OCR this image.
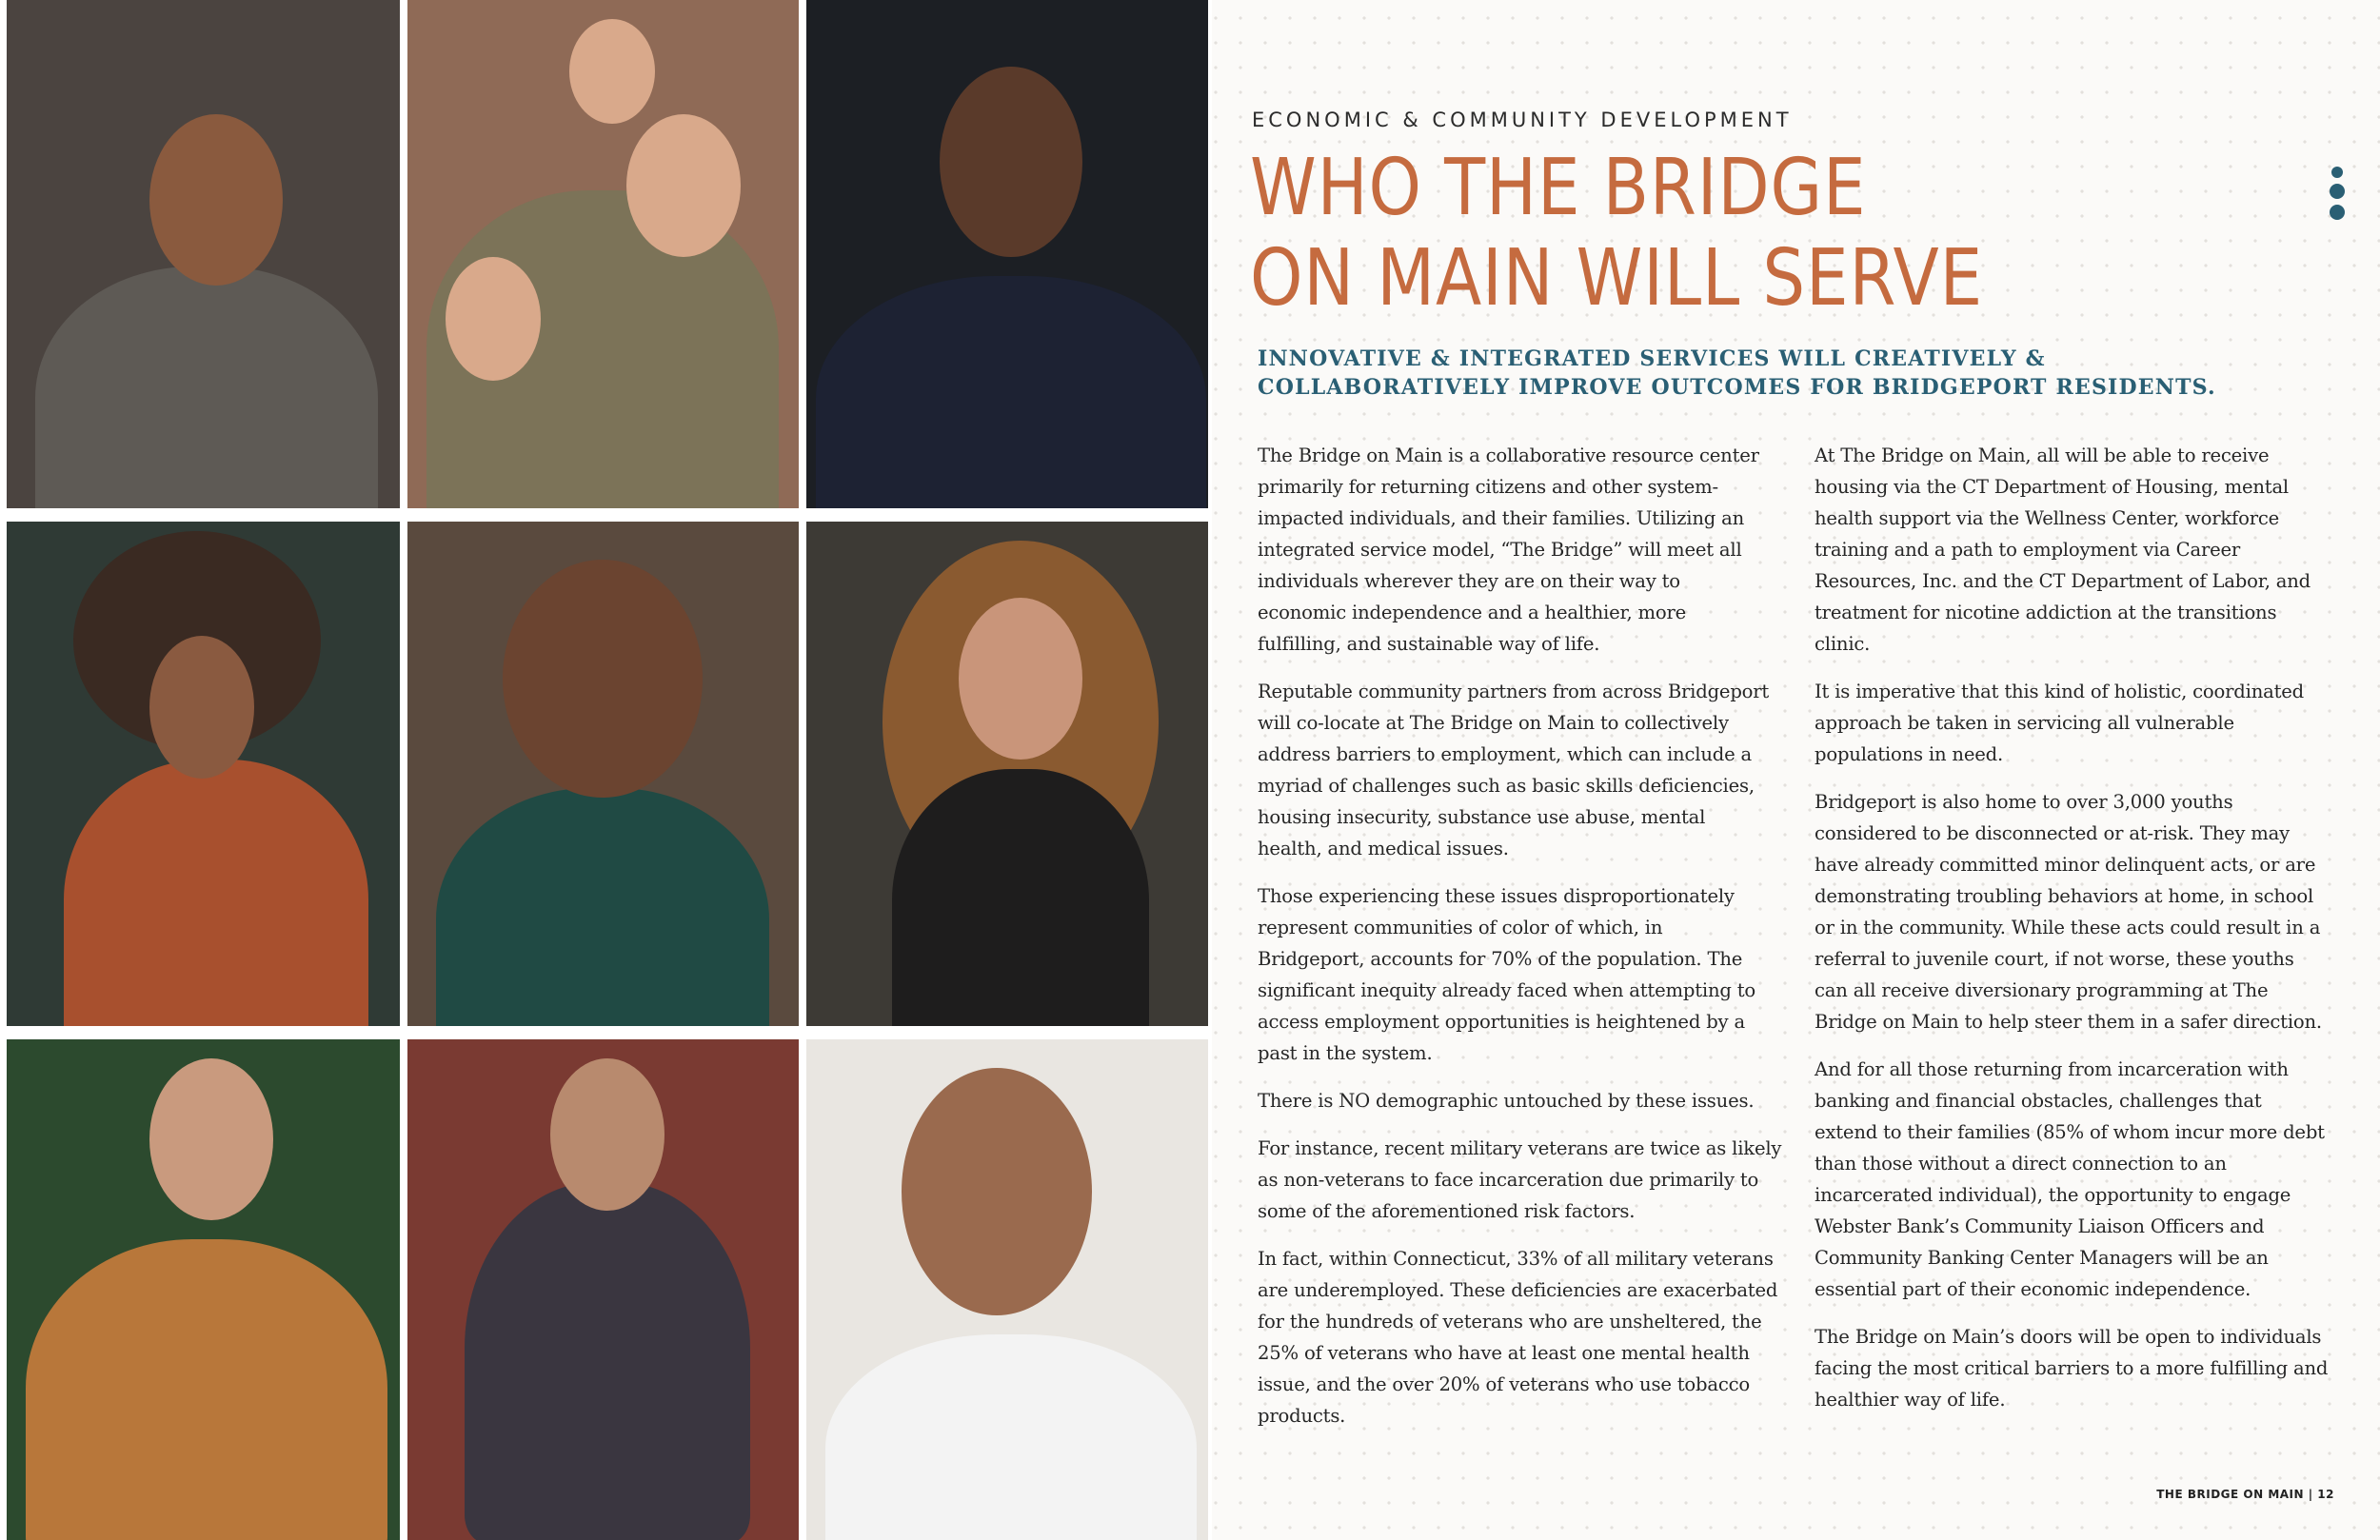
ECONOMIC & COMMUNITY DEVELOPMENT
WHO THE BRIDGE
ON MAIN WILL SERVE
INNOVATIVE & INTEGRATED SERVICES WILL CREATIVELY &
COLLABORATIVELY IMPROVE OUTCOMES FOR BRIDGEPORT RESIDENTS.

The Bridge on Main is a collaborative resource center
primarily for returning citizens and other system-
impacted individuals, and their families. Utilizing an
integrated service model, “The Bridge” will meet all
individuals wherever they are on their way to
economic independence and a healthier, more
fulfilling, and sustainable way of life.

Reputable community partners from across Bridgeport
will co-locate at The Bridge on Main to collectively
address barriers to employment, which can include a
myriad of challenges such as basic skills deficiencies,
housing insecurity, substance use abuse, mental
health, and medical issues.

Those experiencing these issues disproportionately
represent communities of color of which, in
Bridgeport, accounts for 70% of the population. The
significant inequity already faced when attempting to
access employment opportunities is heightened by a
past in the system.

There is NO demographic untouched by these issues.

For instance, recent military veterans are twice as likely
as non-veterans to face incarceration due primarily to
some of the aforementioned risk factors.

In fact, within Connecticut, 33% of all military veterans
are underemployed. These deficiencies are exacerbated
for the hundreds of veterans who are unsheltered, the
25% of veterans who have at least one mental health
issue, and the over 20% of veterans who use tobacco
products.

At The Bridge on Main, all will be able to receive
housing via the CT Department of Housing, mental
health support via the Wellness Center, workforce
training and a path to employment via Career
Resources, Inc. and the CT Department of Labor, and
treatment for nicotine addiction at the transitions
clinic.

It is imperative that this kind of holistic, coordinated
approach be taken in servicing all vulnerable
populations in need.

Bridgeport is also home to over 3,000 youths
considered to be disconnected or at-risk. They may
have already committed minor delinquent acts, or are
demonstrating troubling behaviors at home, in school
or in the community. While these acts could result in a
referral to juvenile court, if not worse, these youths
can all receive diversionary programming at The
Bridge on Main to help steer them in a safer direction.

And for all those returning from incarceration with
banking and financial obstacles, challenges that
extend to their families (85% of whom incur more debt
than those without a direct connection to an
incarcerated individual), the opportunity to engage
Webster Bank’s Community Liaison Officers and
Community Banking Center Managers will be an
essential part of their economic independence.

The Bridge on Main’s doors will be open to individuals
facing the most critical barriers to a more fulfilling and
healthier way of life.

THE BRIDGE ON MAIN | 12
